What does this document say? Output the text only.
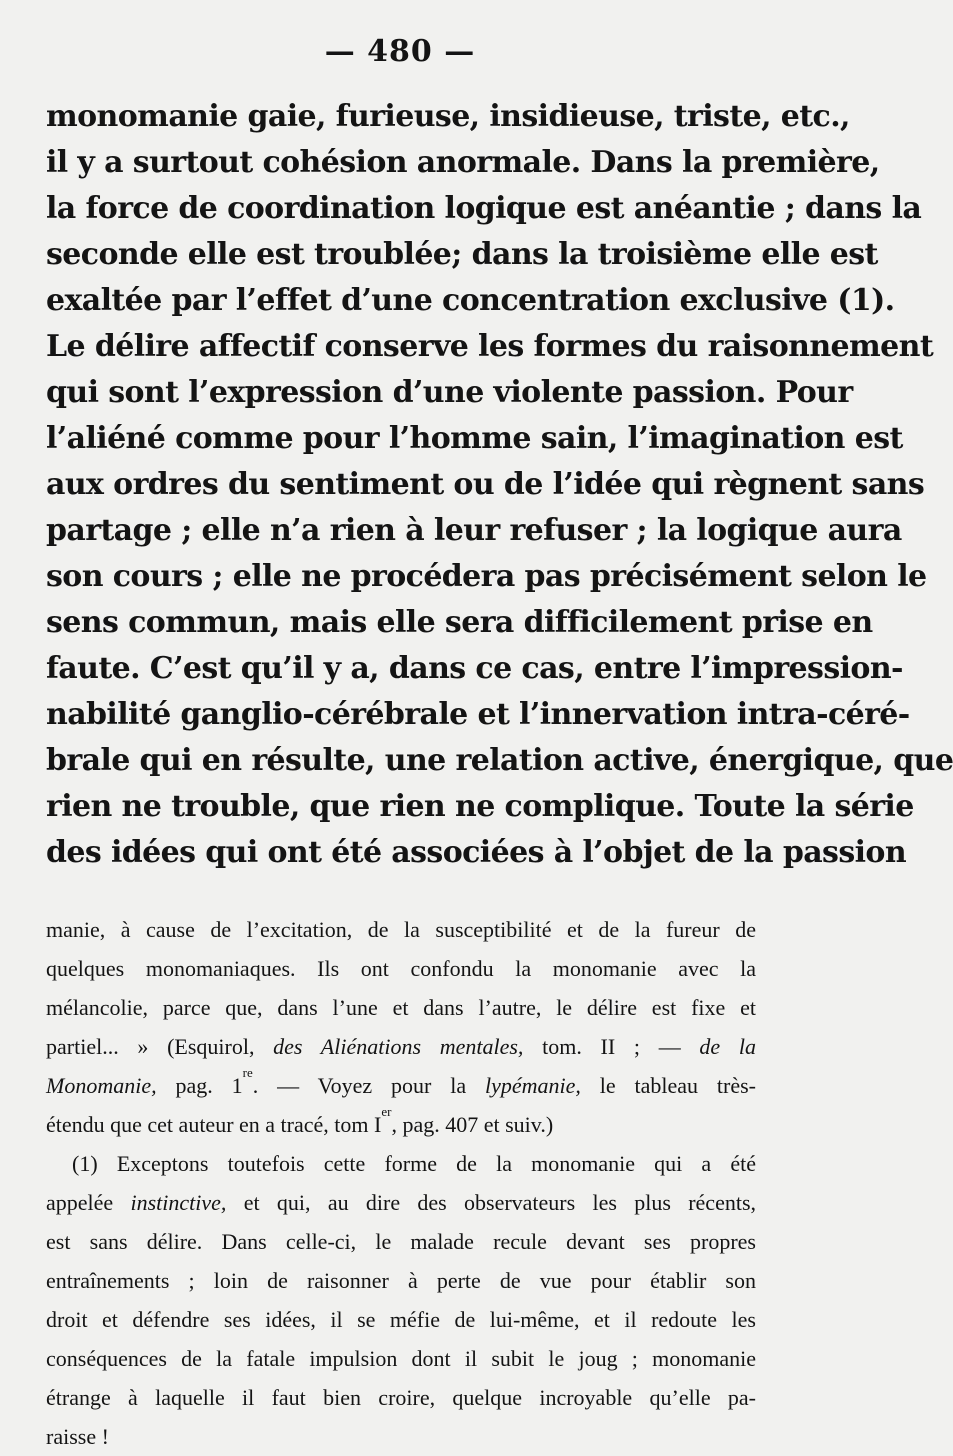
— 480 —
monomanie gaie, furieuse, insidieuse, triste, etc.,
il y a surtout cohésion anormale. Dans la première,
la force de coordination logique est anéantie ; dans la
seconde elle est troublée; dans la troisième elle est
exaltée par l’effet d’une concentration exclusive (1).
Le délire affectif conserve les formes du raisonnement
qui sont l’expression d’une violente passion. Pour
l’aliéné comme pour l’homme sain, l’imagination est
aux ordres du sentiment ou de l’idée qui règnent sans
partage ; elle n’a rien à leur refuser ; la logique aura
son cours ; elle ne procédera pas précisément selon le
sens commun, mais elle sera difficilement prise en
faute. C’est qu’il y a, dans ce cas, entre l’impression-
nabilité ganglio-cérébrale et l’innervation intra-céré-
brale qui en résulte, une relation active, énergique, que
rien ne trouble, que rien ne complique. Toute la série
des idées qui ont été associées à l’objet de la passion
manie, à cause de l’excitation, de la susceptibilité et de la fureur de
quelques monomaniaques. Ils ont confondu la monomanie avec la
mélancolie, parce que, dans l’une et dans l’autre, le délire est fixe et
partiel... » (Esquirol, des Aliénations mentales, tom. II ; — de la
Monomanie, pag. 1re. — Voyez pour la lypémanie, le tableau très-
étendu que cet auteur en a tracé, tom Ier, pag. 407 et suiv.)
(1) Exceptons toutefois cette forme de la monomanie qui a été
appelée instinctive, et qui, au dire des observateurs les plus récents,
est sans délire. Dans celle-ci, le malade recule devant ses propres
entraînements ; loin de raisonner à perte de vue pour établir son
droit et défendre ses idées, il se méfie de lui-même, et il redoute les
conséquences de la fatale impulsion dont il subit le joug ; monomanie
étrange à laquelle il faut bien croire, quelque incroyable qu’elle pa-
raisse !
